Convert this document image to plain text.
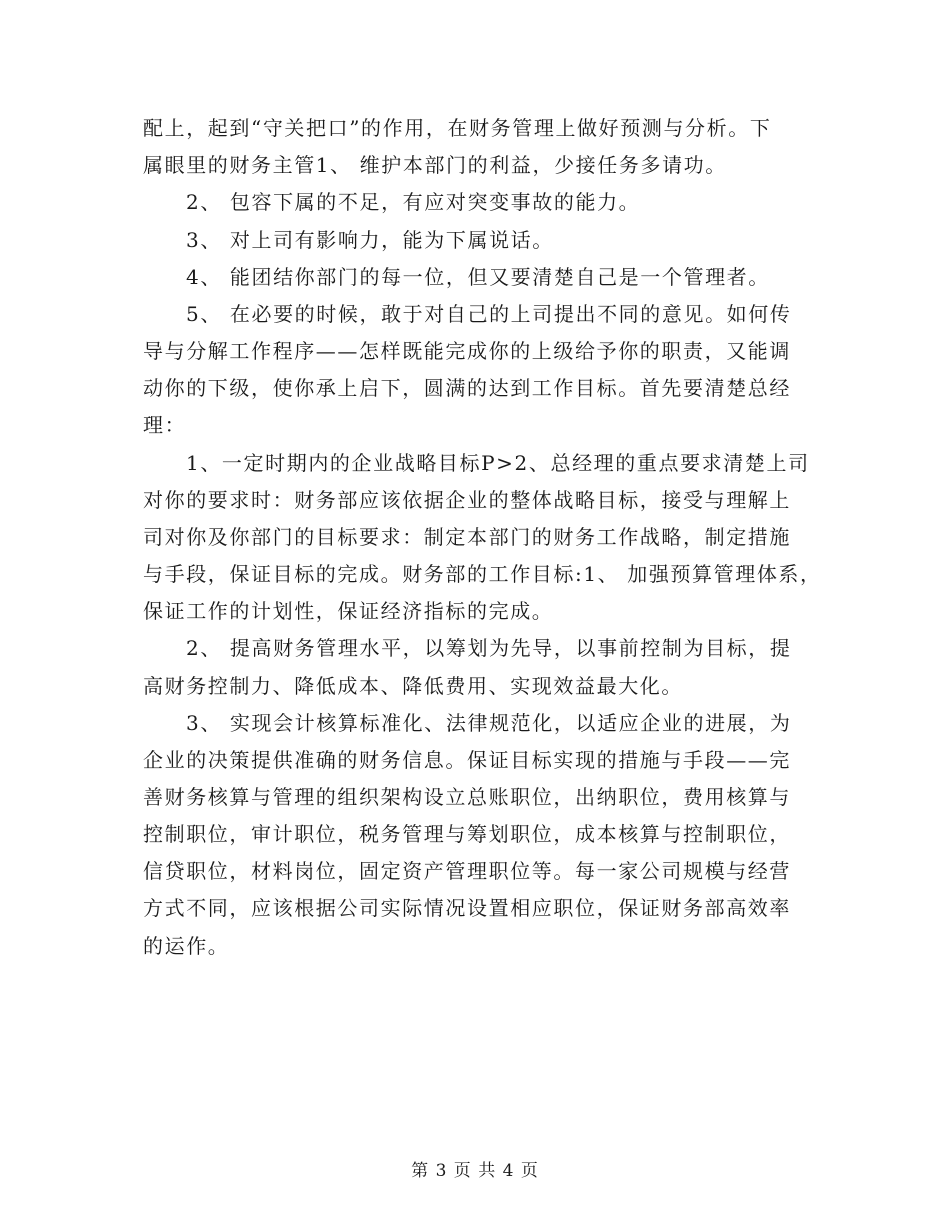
配上，起到“守关把口”的作用，在财务管理上做好预测与分析。下
属眼里的财务主管1、 维护本部门的利益，少接任务多请功。
2、 包容下属的不足，有应对突变事故的能力。
3、 对上司有影响力，能为下属说话。
4、 能团结你部门的每一位，但又要清楚自己是一个管理者。
5、 在必要的时候，敢于对自己的上司提出不同的意见。如何传
导与分解工作程序——怎样既能完成你的上级给予你的职责，又能调
动你的下级，使你承上启下，圆满的达到工作目标。首先要清楚总经
理：
1、一定时期内的企业战略目标P>2、总经理的重点要求清楚上司
对你的要求时：财务部应该依据企业的整体战略目标，接受与理解上
司对你及你部门的目标要求：制定本部门的财务工作战略，制定措施
与手段，保证目标的完成。财务部的工作目标:1、 加强预算管理体系，
保证工作的计划性，保证经济指标的完成。
2、 提高财务管理水平，以筹划为先导，以事前控制为目标，提
高财务控制力、降低成本、降低费用、实现效益最大化。
3、 实现会计核算标准化、法律规范化，以适应企业的进展，为
企业的决策提供准确的财务信息。保证目标实现的措施与手段——完
善财务核算与管理的组织架构设立总账职位，出纳职位，费用核算与
控制职位，审计职位，税务管理与筹划职位，成本核算与控制职位，
信贷职位，材料岗位，固定资产管理职位等。每一家公司规模与经营
方式不同，应该根据公司实际情况设置相应职位，保证财务部高效率
的运作。
第 3 页 共 4 页
